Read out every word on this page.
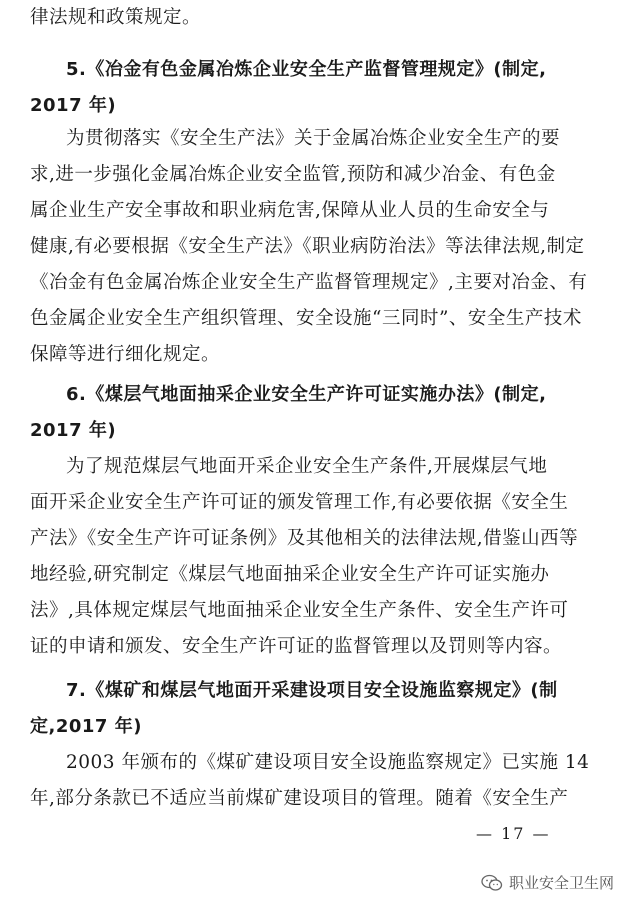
律法规和政策规定。
5.《冶金有色金属冶炼企业安全生产监督管理规定》(制定,
2017 年)
为贯彻落实《安全生产法》关于金属冶炼企业安全生产的要
求,进一步强化金属冶炼企业安全监管,预防和减少冶金、有色金
属企业生产安全事故和职业病危害,保障从业人员的生命安全与
健康,有必要根据《安全生产法》《职业病防治法》等法律法规,制定
《冶金有色金属冶炼企业安全生产监督管理规定》,主要对冶金、有
色金属企业安全生产组织管理、安全设施“三同时”、安全生产技术
保障等进行细化规定。
6.《煤层气地面抽采企业安全生产许可证实施办法》(制定,
2017 年)
为了规范煤层气地面开采企业安全生产条件,开展煤层气地
面开采企业安全生产许可证的颁发管理工作,有必要依据《安全生
产法》《安全生产许可证条例》及其他相关的法律法规,借鉴山西等
地经验,研究制定《煤层气地面抽采企业安全生产许可证实施办
法》,具体规定煤层气地面抽采企业安全生产条件、安全生产许可
证的申请和颁发、安全生产许可证的监督管理以及罚则等内容。
7.《煤矿和煤层气地面开采建设项目安全设施监察规定》(制
定,2017 年)
2003 年颁布的《煤矿建设项目安全设施监察规定》已实施 14
年,部分条款已不适应当前煤矿建设项目的管理。随着《安全生产
— 17 —
职业安全卫生网
